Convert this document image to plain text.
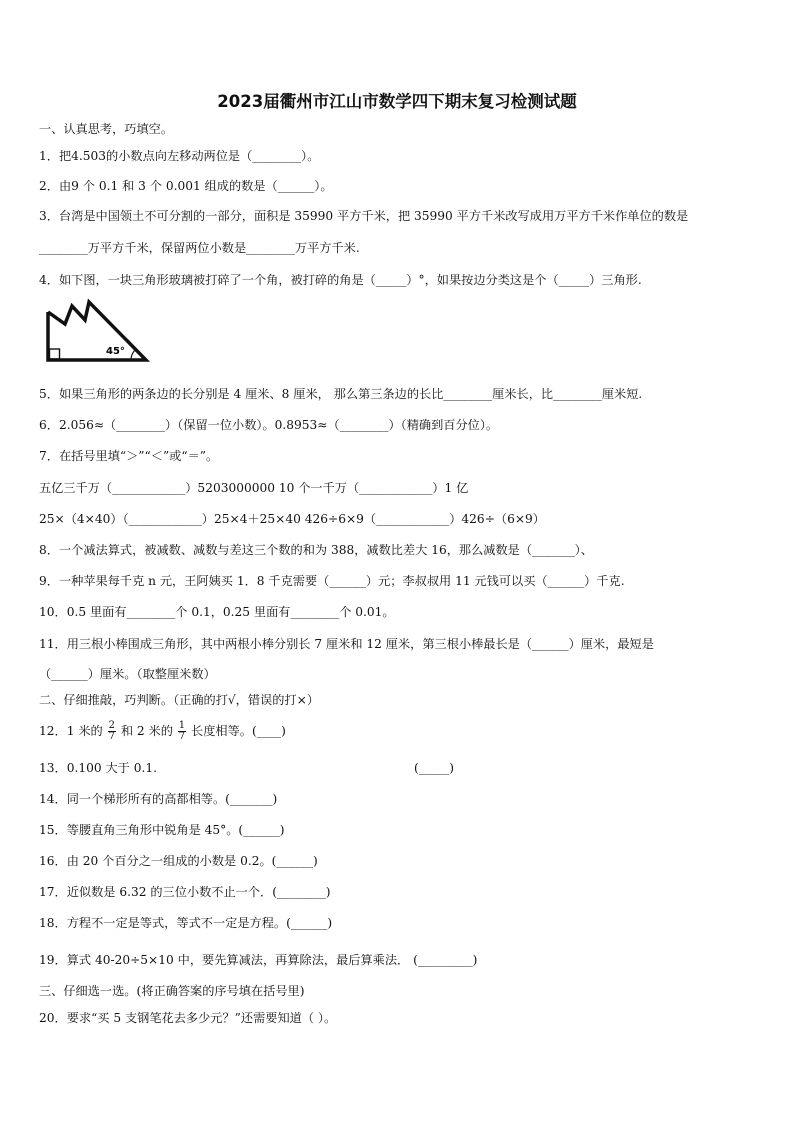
2023届衢州市江山市数学四下期末复习检测试题
一、认真思考，巧填空。
1．把4.503的小数点向左移动两位是（________）。
2．由9 个 0.1 和 3 个 0.001 组成的数是（______）。
3．台湾是中国领土不可分割的一部分，面积是 35990 平方千米，把 35990 平方千米改写成用万平方千米作单位的数是
________万平方千米，保留两位小数是________万平方千米.
4．如下图，一块三角形玻璃被打碎了一个角，被打碎的角是（_____）°，如果按边分类这是个（_____）三角形.
45°
5．如果三角形的两条边的长分别是 4 厘米、8 厘米， 那么第三条边的长比________厘米长，比________厘米短.
6．2.056≈（________）（保留一位小数）。0.8953≈（________）（精确到百分位）。
7．在括号里填“＞”“＜”或“＝”。
五亿三千万（____________）5203000000 10 个一千万（____________）1 亿
25×（4×40）（____________）25×4＋25×40 426÷6×9（____________）426÷（6×9）
8．一个减法算式，被减数、减数与差这三个数的和为 388，减数比差大 16，那么减数是（_______）、
9．一种苹果每千克 n 元，王阿姨买 1．8 千克需要（______）元；李叔叔用 11 元钱可以买（______）千克.
10．0.5 里面有________个 0.1，0.25 里面有________个 0.01。
11．用三根小棒围成三角形，其中两根小棒分别长 7 厘米和 12 厘米，第三根小棒最长是（______）厘米，最短是
（______）厘米。（取整厘米数）
二、仔细推敲，巧判断。（正确的打√，错误的打×）
12．1 米的 $\frac{2}{7}$ 和 2 米的 $\frac{1}{7}$ 长度相等。(____)
13．0.100 大于 0.1.	(_____)
14．同一个梯形所有的高都相等。(_______)
15．等腰直角三角形中锐角是 45°。(______)
16．由 20 个百分之一组成的小数是 0.2。(______)
17．近似数是 6.32 的三位小数不止一个．(________)
18．方程不一定是等式，等式不一定是方程。(______)
19．算式 40-20÷5×10 中，要先算减法，再算除法，最后算乘法． (_________)
三、仔细选一选。(将正确答案的序号填在括号里)
20．要求“买 5 支钢笔花去多少元？”还需要知道（ ）。
